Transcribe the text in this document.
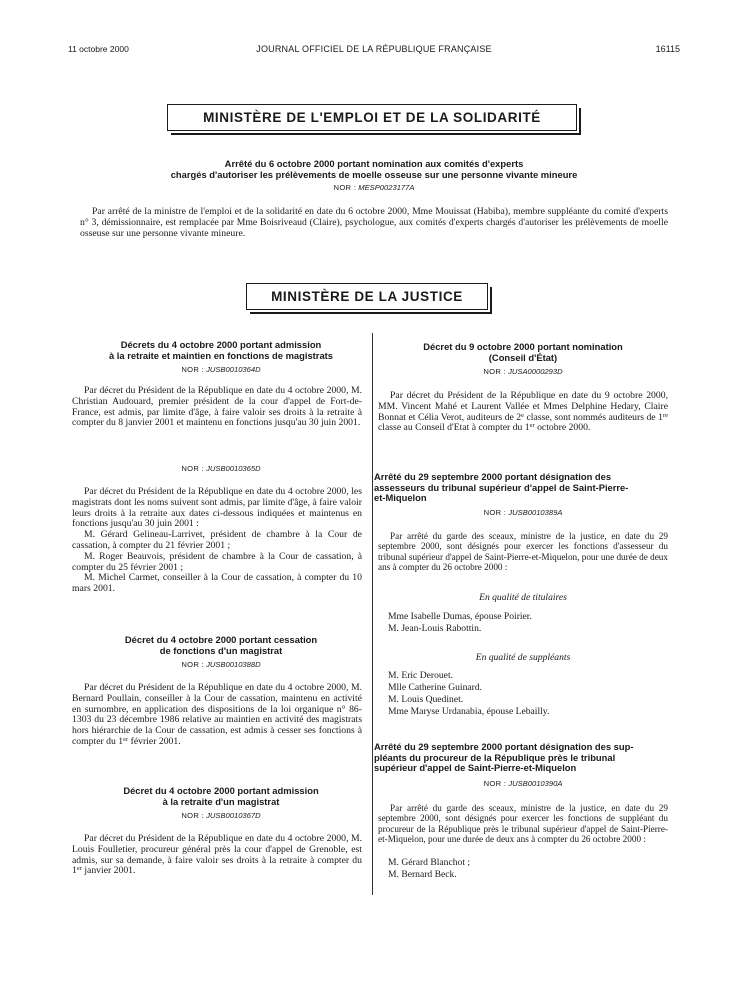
11 octobre 2000	JOURNAL OFFICIEL DE LA RÉPUBLIQUE FRANÇAISE	16115
MINISTÈRE DE L'EMPLOI ET DE LA SOLIDARITÉ
Arrêté du 6 octobre 2000 portant nomination aux comités d'experts
chargés d'autoriser les prélèvements de moelle osseuse sur une personne vivante mineure
NOR : MESP0023177A

Par arrêté de la ministre de l'emploi et de la solidarité en date du 6 octobre 2000, Mme Mouissat (Habiba), membre suppléante du comité d'experts n° 3, démissionnaire, est remplacée par Mme Boisriveaud (Claire), psychologue, aux comités d'experts chargés d'autoriser les prélèvements de moelle osseuse sur une personne vivante mineure.

MINISTÈRE DE LA JUSTICE
Décrets du 4 octobre 2000 portant admission
à la retraite et maintien en fonctions de magistrats
NOR : JUSB0010364D

Par décret du Président de la République en date du 4 octobre 2000, M. Christian Audouard, premier président de la cour d'appel de Fort-de-France, est admis, par limite d'âge, à faire valoir ses droits à la retraite à compter du 8 janvier 2001 et maintenu en fonctions jusqu'au 30 juin 2001.

NOR : JUSB0010365D

Par décret du Président de la République en date du 4 octobre 2000, les magistrats dont les noms suivent sont admis, par limite d'âge, à faire valoir leurs droits à la retraite aux dates ci-dessous indiquées et maintenus en fonctions jusqu'au 30 juin 2001 :

M. Gérard Gelineau-Larrivet, président de chambre à la Cour de cassation, à compter du 21 février 2001 ;

M. Roger Beauvois, président de chambre à la Cour de cassation, à compter du 25 février 2001 ;

M. Michel Carmet, conseiller à la Cour de cassation, à compter du 10 mars 2001.

Décret du 4 octobre 2000 portant cessation
de fonctions d'un magistrat
NOR : JUSB0010388D

Par décret du Président de la République en date du 4 octobre 2000, M. Bernard Poullain, conseiller à la Cour de cassation, maintenu en activité en surnombre, en application des dispositions de la loi organique n° 86-1303 du 23 décembre 1986 relative au maintien en activité des magistrats hors hiérarchie de la Cour de cassation, est admis à cesser ses fonctions à compter du 1er février 2001.

Décret du 4 octobre 2000 portant admission
à la retraite d'un magistrat
NOR : JUSB0010367D

Par décret du Président de la République en date du 4 octobre 2000, M. Louis Foulletier, procureur général près la cour d'appel de Grenoble, est admis, sur sa demande, à faire valoir ses droits à la retraite à compter du 1er janvier 2001.

Décret du 9 octobre 2000 portant nomination
(Conseil d'État)
NOR : JUSA0000293D

Par décret du Président de la République en date du 9 octobre 2000, MM. Vincent Mahé et Laurent Vallée et Mmes Delphine Hedary, Claire Bonnat et Célia Verot, auditeurs de 2e classe, sont nommés auditeurs de 1re classe au Conseil d'Etat à compter du 1er octobre 2000.

Arrêté du 29 septembre 2000 portant désignation des
assesseurs du tribunal supérieur d'appel de Saint-Pierre-
et-Miquelon
NOR : JUSB0010389A

Par arrêté du garde des sceaux, ministre de la justice, en date du 29 septembre 2000, sont désignés pour exercer les fonctions d'assesseur du tribunal supérieur d'appel de Saint-Pierre-et-Miquelon, pour une durée de deux ans à compter du 26 octobre 2000 :

En qualité de titulaires
Mme Isabelle Dumas, épouse Poirier.
M. Jean-Louis Rabottin.
En qualité de suppléants
M. Eric Derouet.
Mlle Catherine Guinard.
M. Louis Quedinet.
Mme Maryse Urdanabia, épouse Lebailly.
Arrêté du 29 septembre 2000 portant désignation des sup-
pléants du procureur de la République près le tribunal
supérieur d'appel de Saint-Pierre-et-Miquelon
NOR : JUSB0010390A

Par arrêté du garde des sceaux, ministre de la justice, en date du 29 septembre 2000, sont désignés pour exercer les fonctions de suppléant du procureur de la République près le tribunal supérieur d'appel de Saint-Pierre-et-Miquelon, pour une durée de deux ans à compter du 26 octobre 2000 :

M. Gérard Blanchot ;
M. Bernard Beck.
